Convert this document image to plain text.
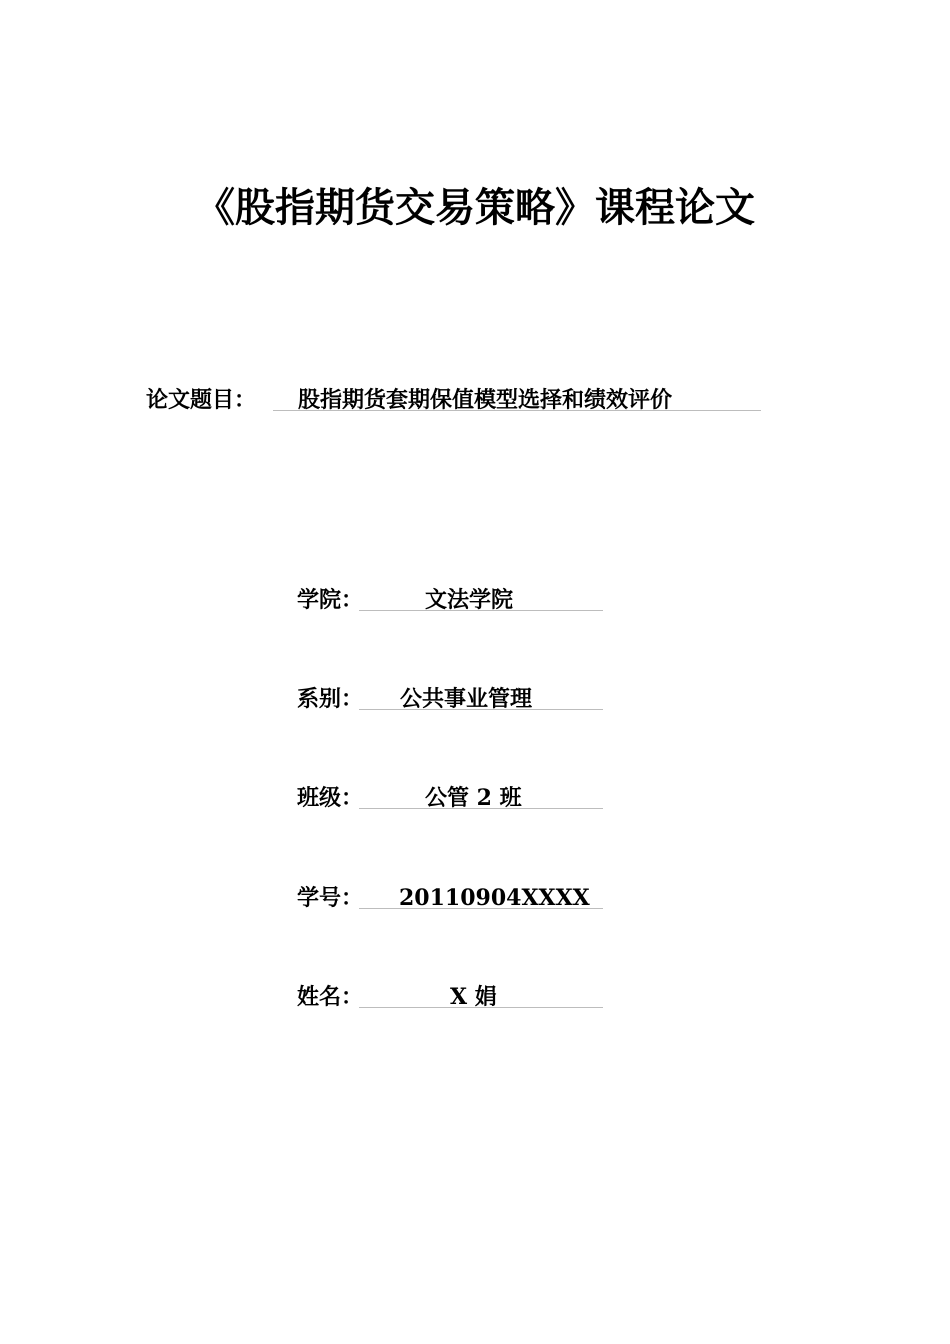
《股指期货交易策略》课程论文
论文题目： 股指期货套期保值模型选择和绩效评价
学院：	文法学院
系别： 公共事业管理
班级：	公管 2 班
学号： 20110904XXXX
姓名：	X 娟
